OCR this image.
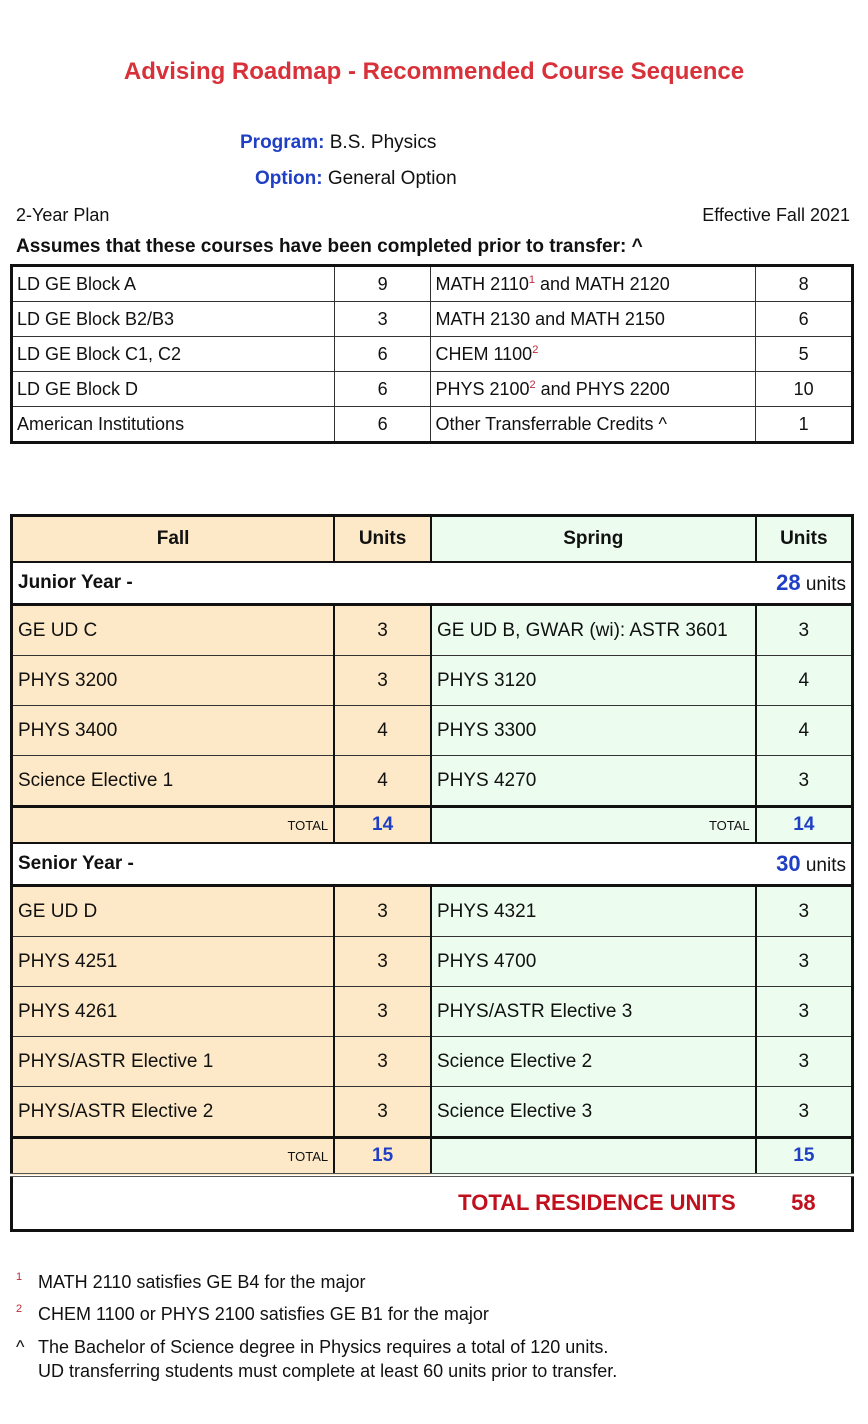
Advising Roadmap - Recommended Course Sequence
Program: B.S. Physics
Option: General Option
2-Year Plan	Effective Fall 2021
Assumes that these courses have been completed prior to transfer: ^
LD GE Block A	9	MATH 2110$^1$ and MATH 2120	8
LD GE Block B2/B3	3	MATH 2130 and MATH 2150	6
LD GE Block C1, C2	6	CHEM 1100$^2$	5
LD GE Block D	6	PHYS 2100$^2$ and PHYS 2200	10
American Institutions	6	Other Transferrable Credits ^	1
Fall	Units	Spring	Units
Junior Year -		28 units	
GE UD C	3	GE UD B, GWAR (wi): ASTR 3601	3
PHYS 3200	3	PHYS 3120	4
PHYS 3400	4	PHYS 3300	4
Science Elective 1	4	PHYS 4270	3
TOTAL	14	TOTAL	14
Senior Year -		30 units	
GE UD D	3	PHYS 4321	3
PHYS 4251	3	PHYS 4700	3
PHYS 4261	3	PHYS/ASTR Elective 3	3
PHYS/ASTR Elective 1	3	Science Elective 2	3
PHYS/ASTR Elective 2	3	Science Elective 3	3
TOTAL	15		15
TOTAL RESIDENCE UNITS			58
1 MATH 2110 satisfies GE B4 for the major
2 CHEM 1100 or PHYS 2100 satisfies GE B1 for the major
^ The Bachelor of Science degree in Physics requires a total of 120 units.
UD transferring students must complete at least 60 units prior to transfer.
